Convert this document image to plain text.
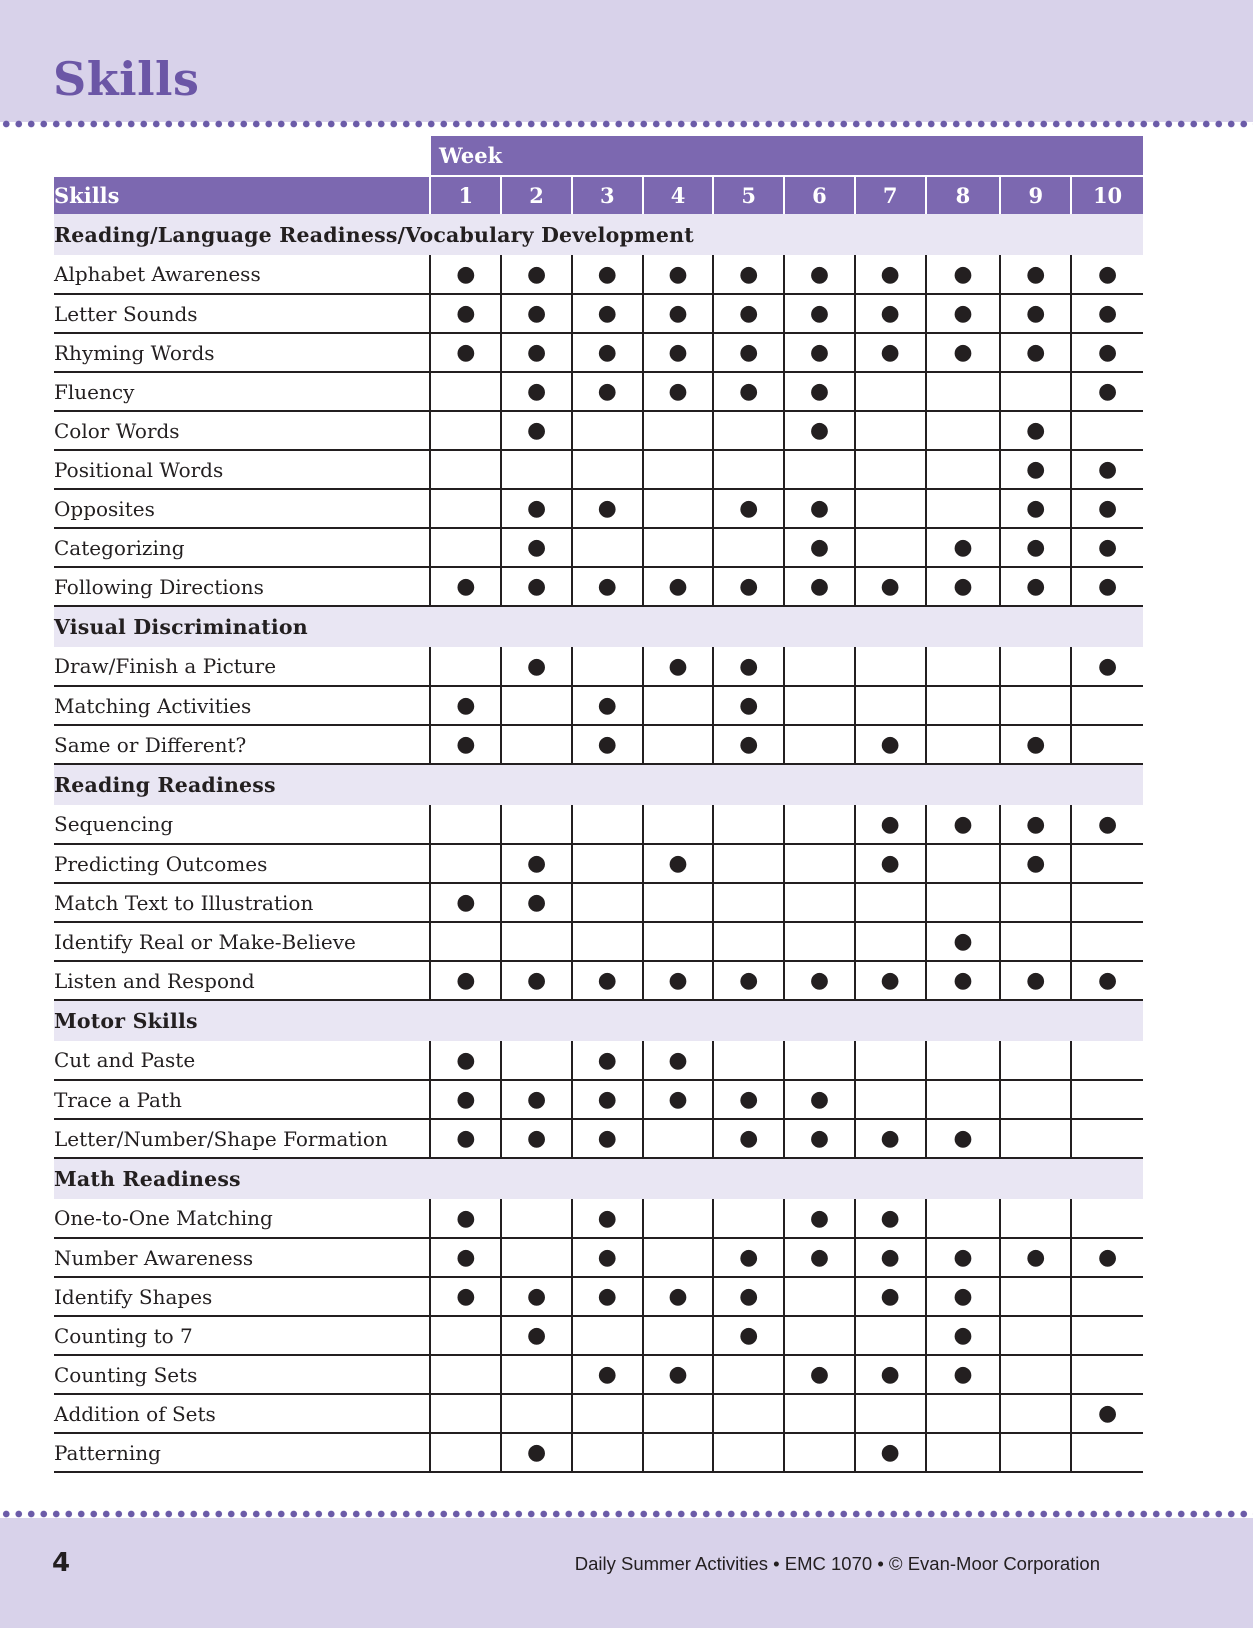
Skills
	Week									
Skills	1	2	3	4	5	6	7	8	9	10
Reading/Language Readiness/Vocabulary Development										
Alphabet Awareness	●	●	●	●	●	●	●	●	●	●
Letter Sounds	●	●	●	●	●	●	●	●	●	●
Rhyming Words	●	●	●	●	●	●	●	●	●	●
Fluency		●	●	●	●	●				●
Color Words		●				●			●	
Positional Words									●	●
Opposites		●	●		●	●			●	●
Categorizing		●				●		●	●	●
Following Directions	●	●	●	●	●	●	●	●	●	●
Visual Discrimination										
Draw/Finish a Picture		●		●	●					●
Matching Activities	●		●		●					
Same or Different?	●		●		●		●		●	
Reading Readiness										
Sequencing							●	●	●	●
Predicting Outcomes		●		●			●		●	
Match Text to Illustration	●	●								
Identify Real or Make-Believe								●		
Listen and Respond	●	●	●	●	●	●	●	●	●	●
Motor Skills										
Cut and Paste	●		●	●						
Trace a Path	●	●	●	●	●	●				
Letter/Number/Shape Formation	●	●	●		●	●	●	●		
Math Readiness										
One-to-One Matching	●		●			●	●			
Number Awareness	●		●		●	●	●	●	●	●
Identify Shapes	●	●	●	●	●		●	●		
Counting to 7		●			●			●		
Counting Sets			●	●		●	●	●		
Addition of Sets										●
Patterning		●					●			
4	Daily Summer Activities • EMC 1070 • © Evan-Moor Corporation
